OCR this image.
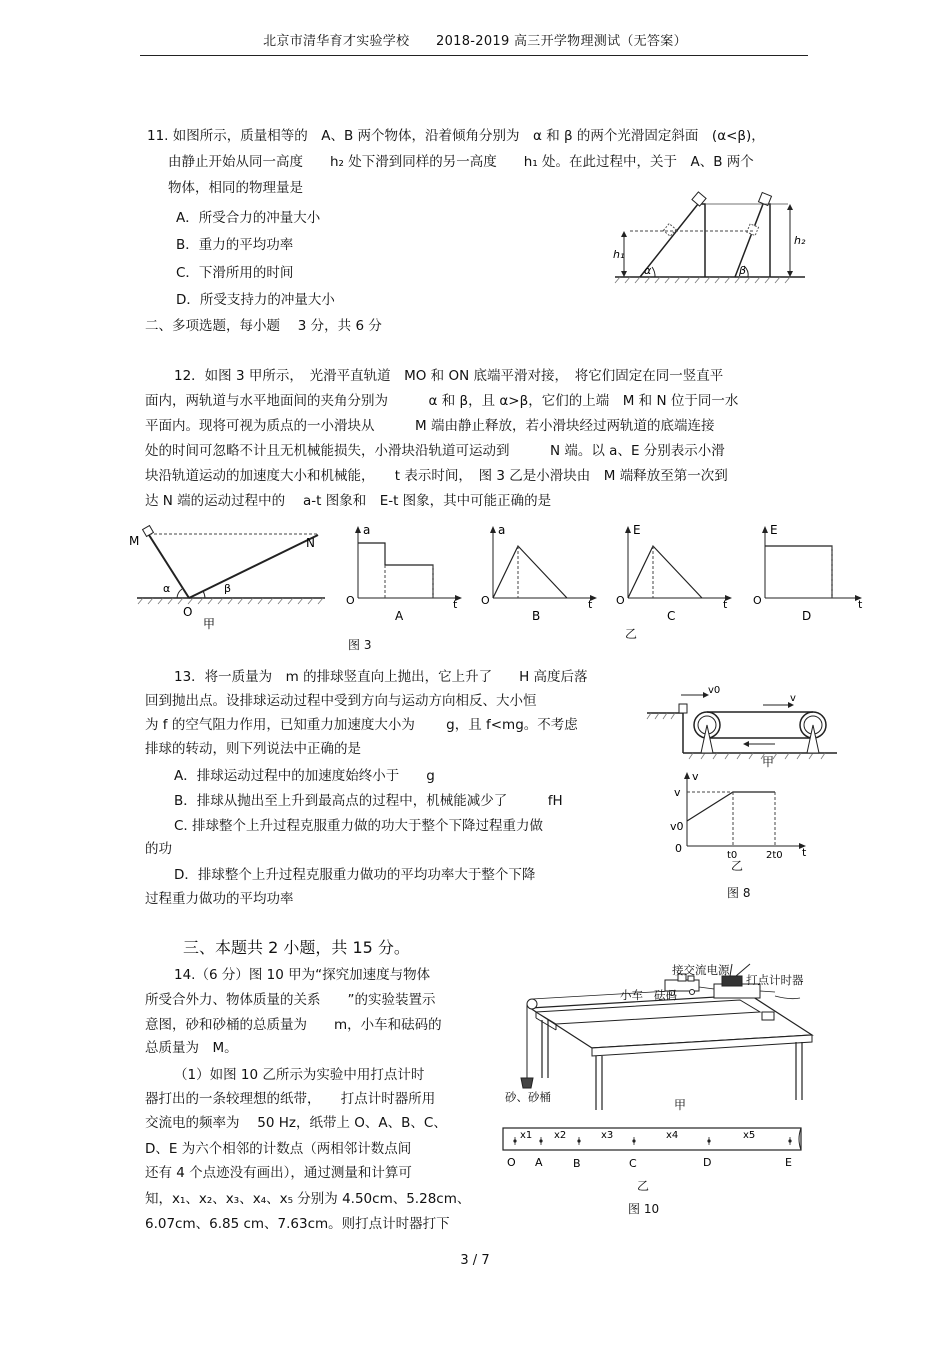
北京市清华育才实验学校　　2018-2019 高三开学物理测试（无答案）
11. 如图所示，质量相等的　A、B 两个物体，沿着倾角分别为　α 和 β 的两个光滑固定斜面　(α<β)，
由静止开始从同一高度　　h₂ 处下滑到同样的另一高度　　h₁ 处。在此过程中，关于　A、B 两个
物体，相同的物理量是
A．所受合力的冲量大小
B．重力的平均功率
C．下滑所用的时间
D．所受支持力的冲量大小
h₁
h₂
α	β
二、多项选题，每小题　 3 分，共 6 分
12．如图 3 甲所示，　光滑平直轨道　MO 和 ON 底端平滑对接，　将它们固定在同一竖直平
面内，两轨道与水平地面间的夹角分别为　　　α 和 β，且 α>β，它们的上端　M 和 N 位于同一水
平面内。现将可视为质点的一小滑块从　　　M 端由静止释放，若小滑块经过两轨道的底端连接
处的时间可忽略不计且无机械能损失，小滑块沿轨道可运动到　　　N 端。以 a、E 分别表示小滑
块沿轨道运动的加速度大小和机械能，　　t 表示时间，　图 3 乙是小滑块由　M 端释放至第一次到
达 N 端的运动过程中的　 a-t 图象和　E-t 图象，其中可能正确的是
M	N
α	β
O
甲
a
O	t
A
a
O	t
B
E
O	t
C
E
O	t
D
乙
图 3
13．将一质量为　m 的排球竖直向上抛出，它上升了　　H 高度后落
回到抛出点。设排球运动过程中受到方向与运动方向相反、大小恒
为 f 的空气阻力作用，已知重力加速度大小为　　 g，且 f<mg。不考虑
排球的转动，则下列说法中正确的是
A．排球运动过程中的加速度始终小于　　g
B．排球从抛出至上升到最高点的过程中，机械能减少了　　　fH
C. 排球整个上升过程克服重力做的功大于整个下降过程重力做
的功
D．排球整个上升过程克服重力做功的平均功率大于整个下降
过程重力做功的平均功率
v0
v
甲
v
v
v0
0
t0	2t0 t
乙
图 8
三、本题共 2 小题，共 15 分。
14.（6 分）图 10 甲为“探究加速度与物体
所受合外力、物体质量的关系　　”的实验装置示
意图，砂和砂桶的总质量为　　m，小车和砝码的
总质量为　M。
（1）如图 10 乙所示为实验中用打点计时
器打出的一条较理想的纸带，　　打点计时器所用
交流电的频率为　 50 Hz，纸带上 O、A、B、C、
D、E 为六个相邻的计数点（两相邻计数点间
还有 4 个点迹没有画出），通过测量和计算可
知，x₁、x₂、x₃、x₄、x₅ 分别为 4.50cm、5.28cm、
6.07cm、6.85 cm、7.63cm。则打点计时器打下
接交流电源
打点计时器
小车 砝码
砂、砂桶
甲
x1 x2	x3	x4	x5
O A	B	C	D	E
乙
图 10
3 / 7
